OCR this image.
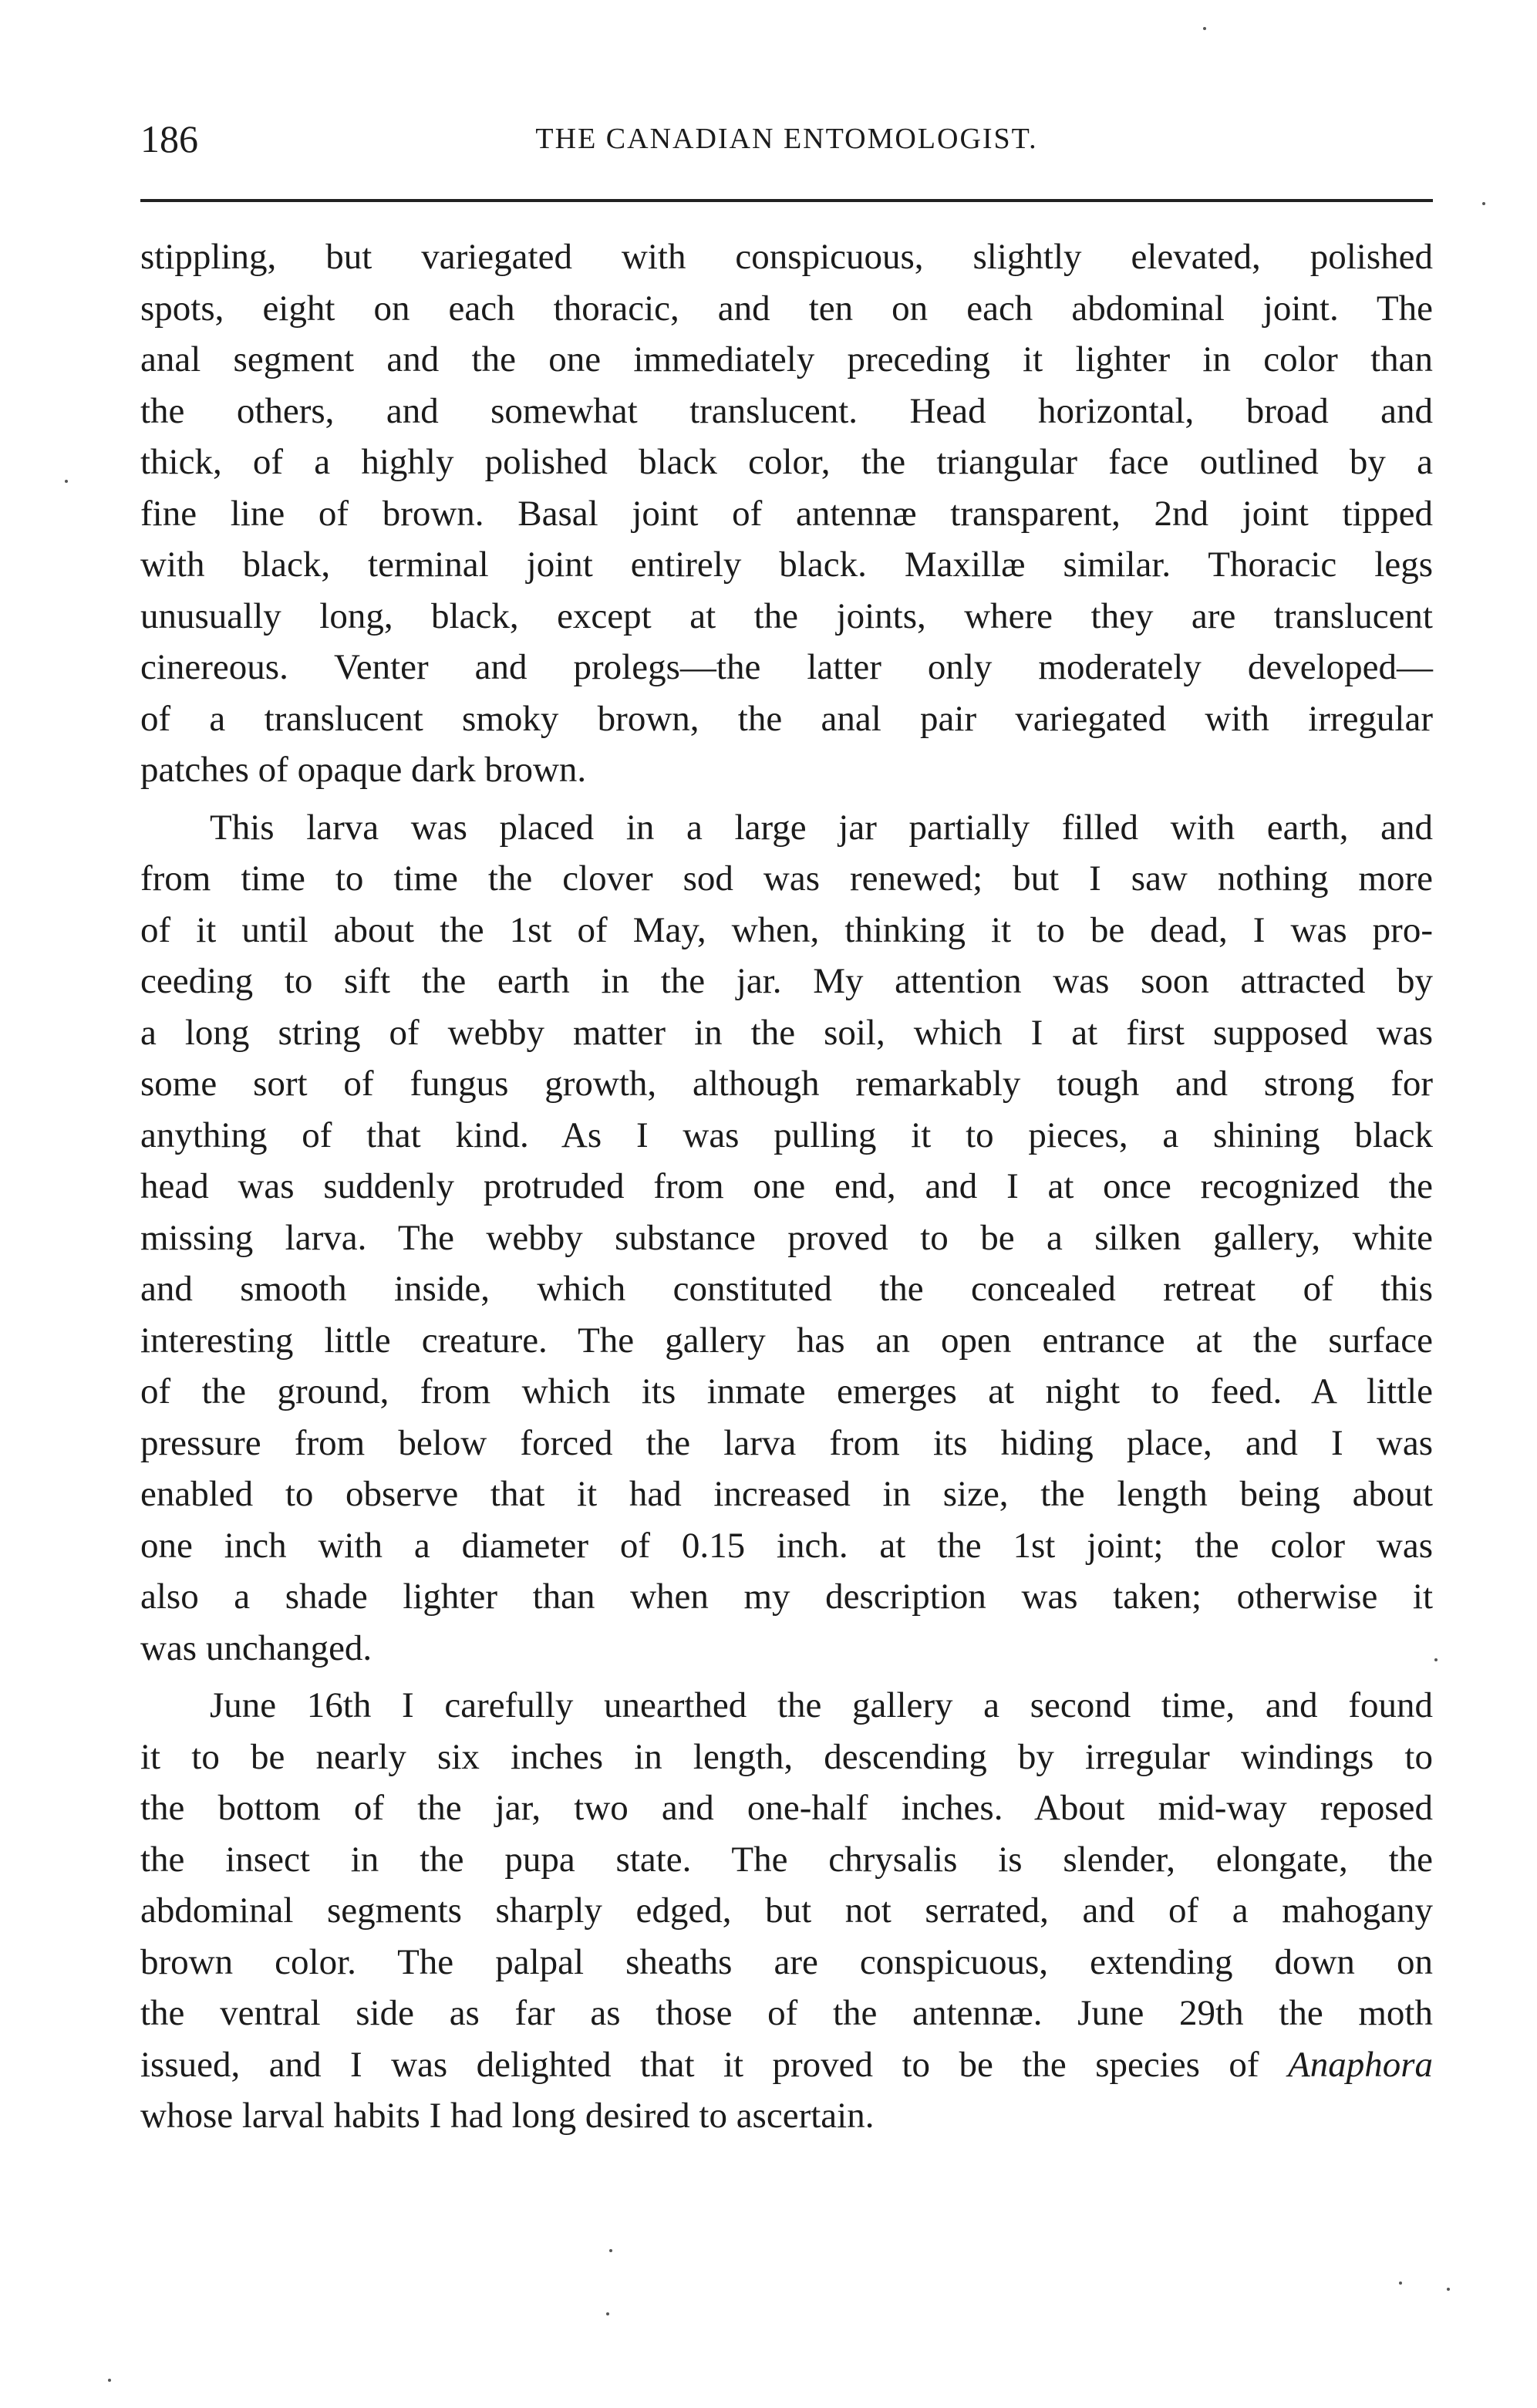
186	THE CANADIAN ENTOMOLOGIST.
stippling, but variegated with conspicuous, slightly elevated, polished
spots, eight on each thoracic, and ten on each abdominal joint. The
anal segment and the one immediately preceding it lighter in color than
the others, and somewhat translucent. Head horizontal, broad and
thick, of a highly polished black color, the triangular face outlined by a
fine line of brown. Basal joint of antennæ transparent, 2nd joint tipped
with black, terminal joint entirely black. Maxillæ similar. Thoracic legs
unusually long, black, except at the joints, where they are translucent
cinereous. Venter and prolegs—the latter only moderately developed—
of a translucent smoky brown, the anal pair variegated with irregular
patches of opaque dark brown.
This larva was placed in a large jar partially filled with earth, and
from time to time the clover sod was renewed; but I saw nothing more
of it until about the 1st of May, when, thinking it to be dead, I was pro-
ceeding to sift the earth in the jar. My attention was soon attracted by
a long string of webby matter in the soil, which I at first supposed was
some sort of fungus growth, although remarkably tough and strong for
anything of that kind. As I was pulling it to pieces, a shining black
head was suddenly protruded from one end, and I at once recognized the
missing larva. The webby substance proved to be a silken gallery, white
and smooth inside, which constituted the concealed retreat of this
interesting little creature. The gallery has an open entrance at the surface
of the ground, from which its inmate emerges at night to feed. A little
pressure from below forced the larva from its hiding place, and I was
enabled to observe that it had increased in size, the length being about
one inch with a diameter of 0.15 inch. at the 1st joint; the color was
also a shade lighter than when my description was taken; otherwise it
was unchanged.
June 16th I carefully unearthed the gallery a second time, and found
it to be nearly six inches in length, descending by irregular windings to
the bottom of the jar, two and one-half inches. About mid-way reposed
the insect in the pupa state. The chrysalis is slender, elongate, the
abdominal segments sharply edged, but not serrated, and of a mahogany
brown color. The palpal sheaths are conspicuous, extending down on
the ventral side as far as those of the antennæ. June 29th the moth
issued, and I was delighted that it proved to be the species of Anaphora
whose larval habits I had long desired to ascertain.
